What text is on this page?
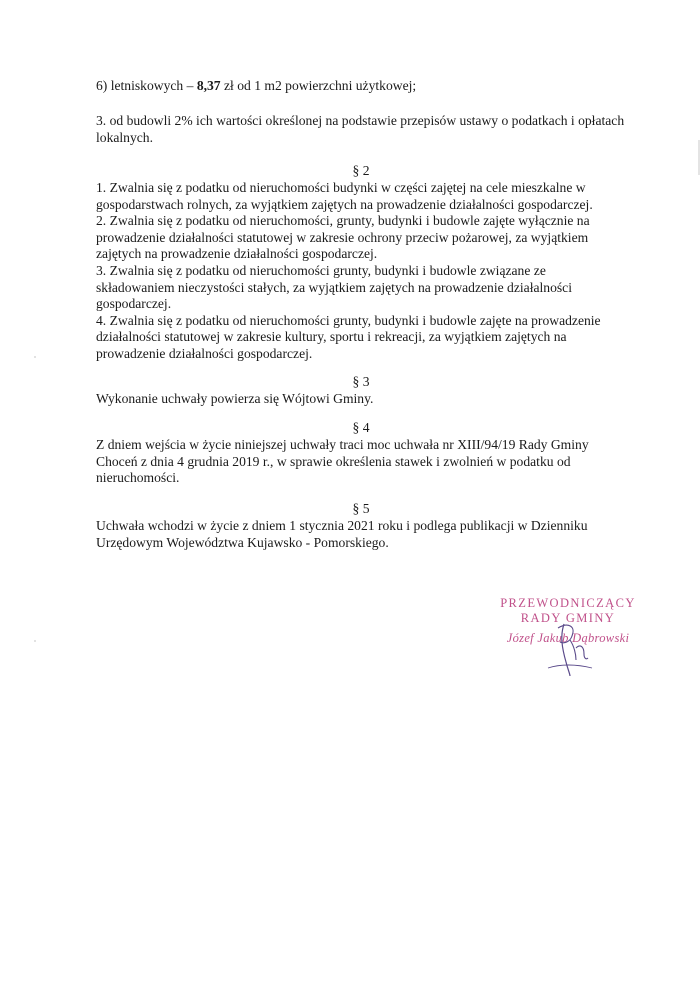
6) letniskowych – 8,37 zł od 1 m2 powierzchni użytkowej;
3. od budowli 2% ich wartości określonej na podstawie przepisów ustawy o podatkach i opłatach lokalnych.
§ 2

1. Zwalnia się z podatku od nieruchomości budynki w części zajętej na cele mieszkalne w gospodarstwach rolnych, za wyjątkiem zajętych na prowadzenie działalności gospodarczej.

2. Zwalnia się z podatku od nieruchomości, grunty, budynki i budowle zajęte wyłącznie na prowadzenie działalności statutowej w zakresie ochrony przeciw pożarowej, za wyjątkiem zajętych na prowadzenie działalności gospodarczej.

3. Zwalnia się z podatku od nieruchomości grunty, budynki i budowle związane ze składowaniem nieczystości stałych, za wyjątkiem zajętych na prowadzenie działalności gospodarczej.

4. Zwalnia się z podatku od nieruchomości grunty, budynki i budowle zajęte na prowadzenie działalności statutowej w zakresie kultury, sportu i rekreacji, za wyjątkiem zajętych na prowadzenie działalności gospodarczej.

§ 3

Wykonanie uchwały powierza się Wójtowi Gminy.

§ 4

Z dniem wejścia w życie niniejszej uchwały traci moc uchwała nr XIII/94/19 Rady Gminy Choceń z dnia 4 grudnia 2019 r., w sprawie określenia stawek i zwolnień w podatku od nieruchomości.

§ 5

Uchwała wchodzi w życie z dniem 1 stycznia 2021 roku i podlega publikacji w Dzienniku Urzędowym Województwa Kujawsko - Pomorskiego.

PRZEWODNICZĄCY
RADY GMINY
Józef Jakub Dąbrowski
